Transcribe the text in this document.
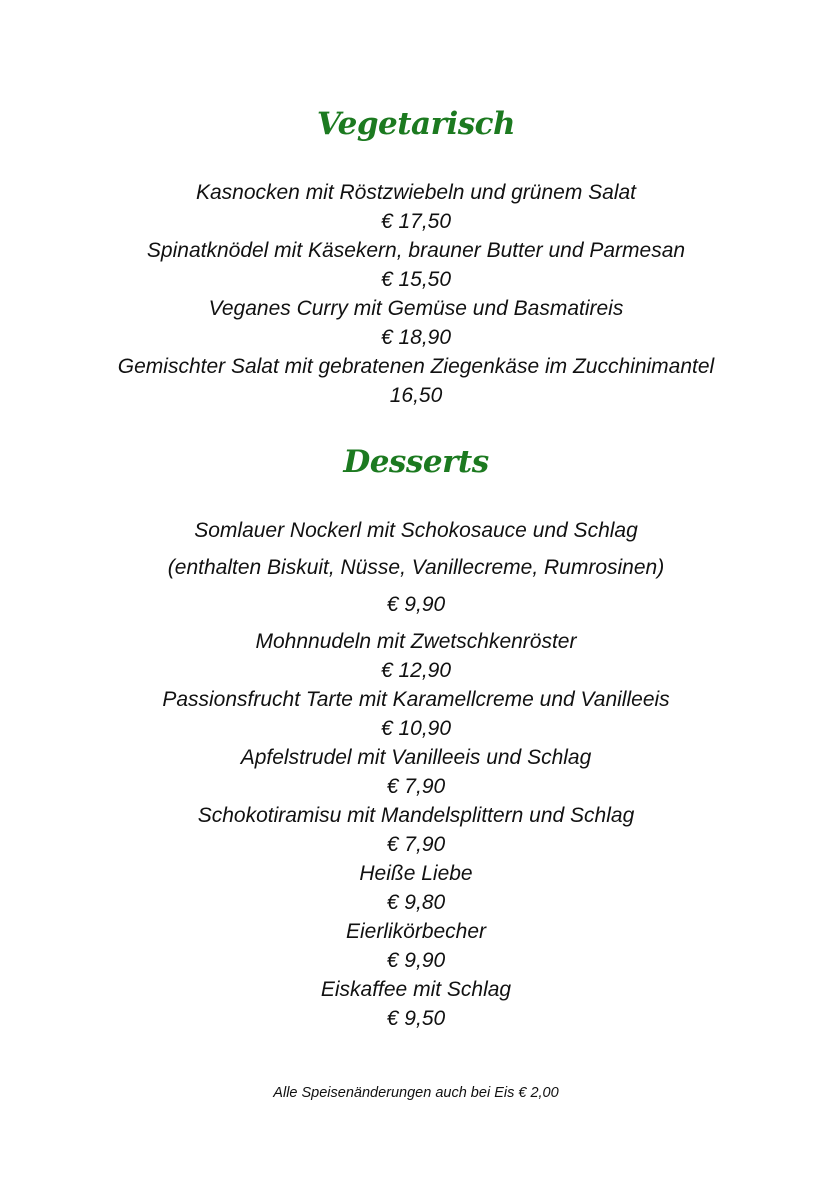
Vegetarisch
Kasnocken mit Röstzwiebeln und grünem Salat
€ 17,50
Spinatknödel mit Käsekern, brauner Butter und Parmesan
€ 15,50
Veganes Curry mit Gemüse und Basmatireis
€ 18,90
Gemischter Salat mit gebratenen Ziegenkäse im Zucchinimantel
16,50
Desserts
Somlauer Nockerl mit Schokosauce und Schlag
(enthalten Biskuit, Nüsse, Vanillecreme, Rumrosinen)
€ 9,90
Mohnnudeln mit Zwetschkenröster
€ 12,90
Passionsfrucht Tarte mit Karamellcreme und Vanilleeis
€ 10,90
Apfelstrudel mit Vanilleeis und Schlag
€ 7,90
Schokotiramisu mit Mandelsplittern und Schlag
€ 7,90
Heiße Liebe
€ 9,80
Eierlikörbecher
€ 9,90
Eiskaffee mit Schlag
€ 9,50
Alle Speisenänderungen auch bei Eis € 2,00
